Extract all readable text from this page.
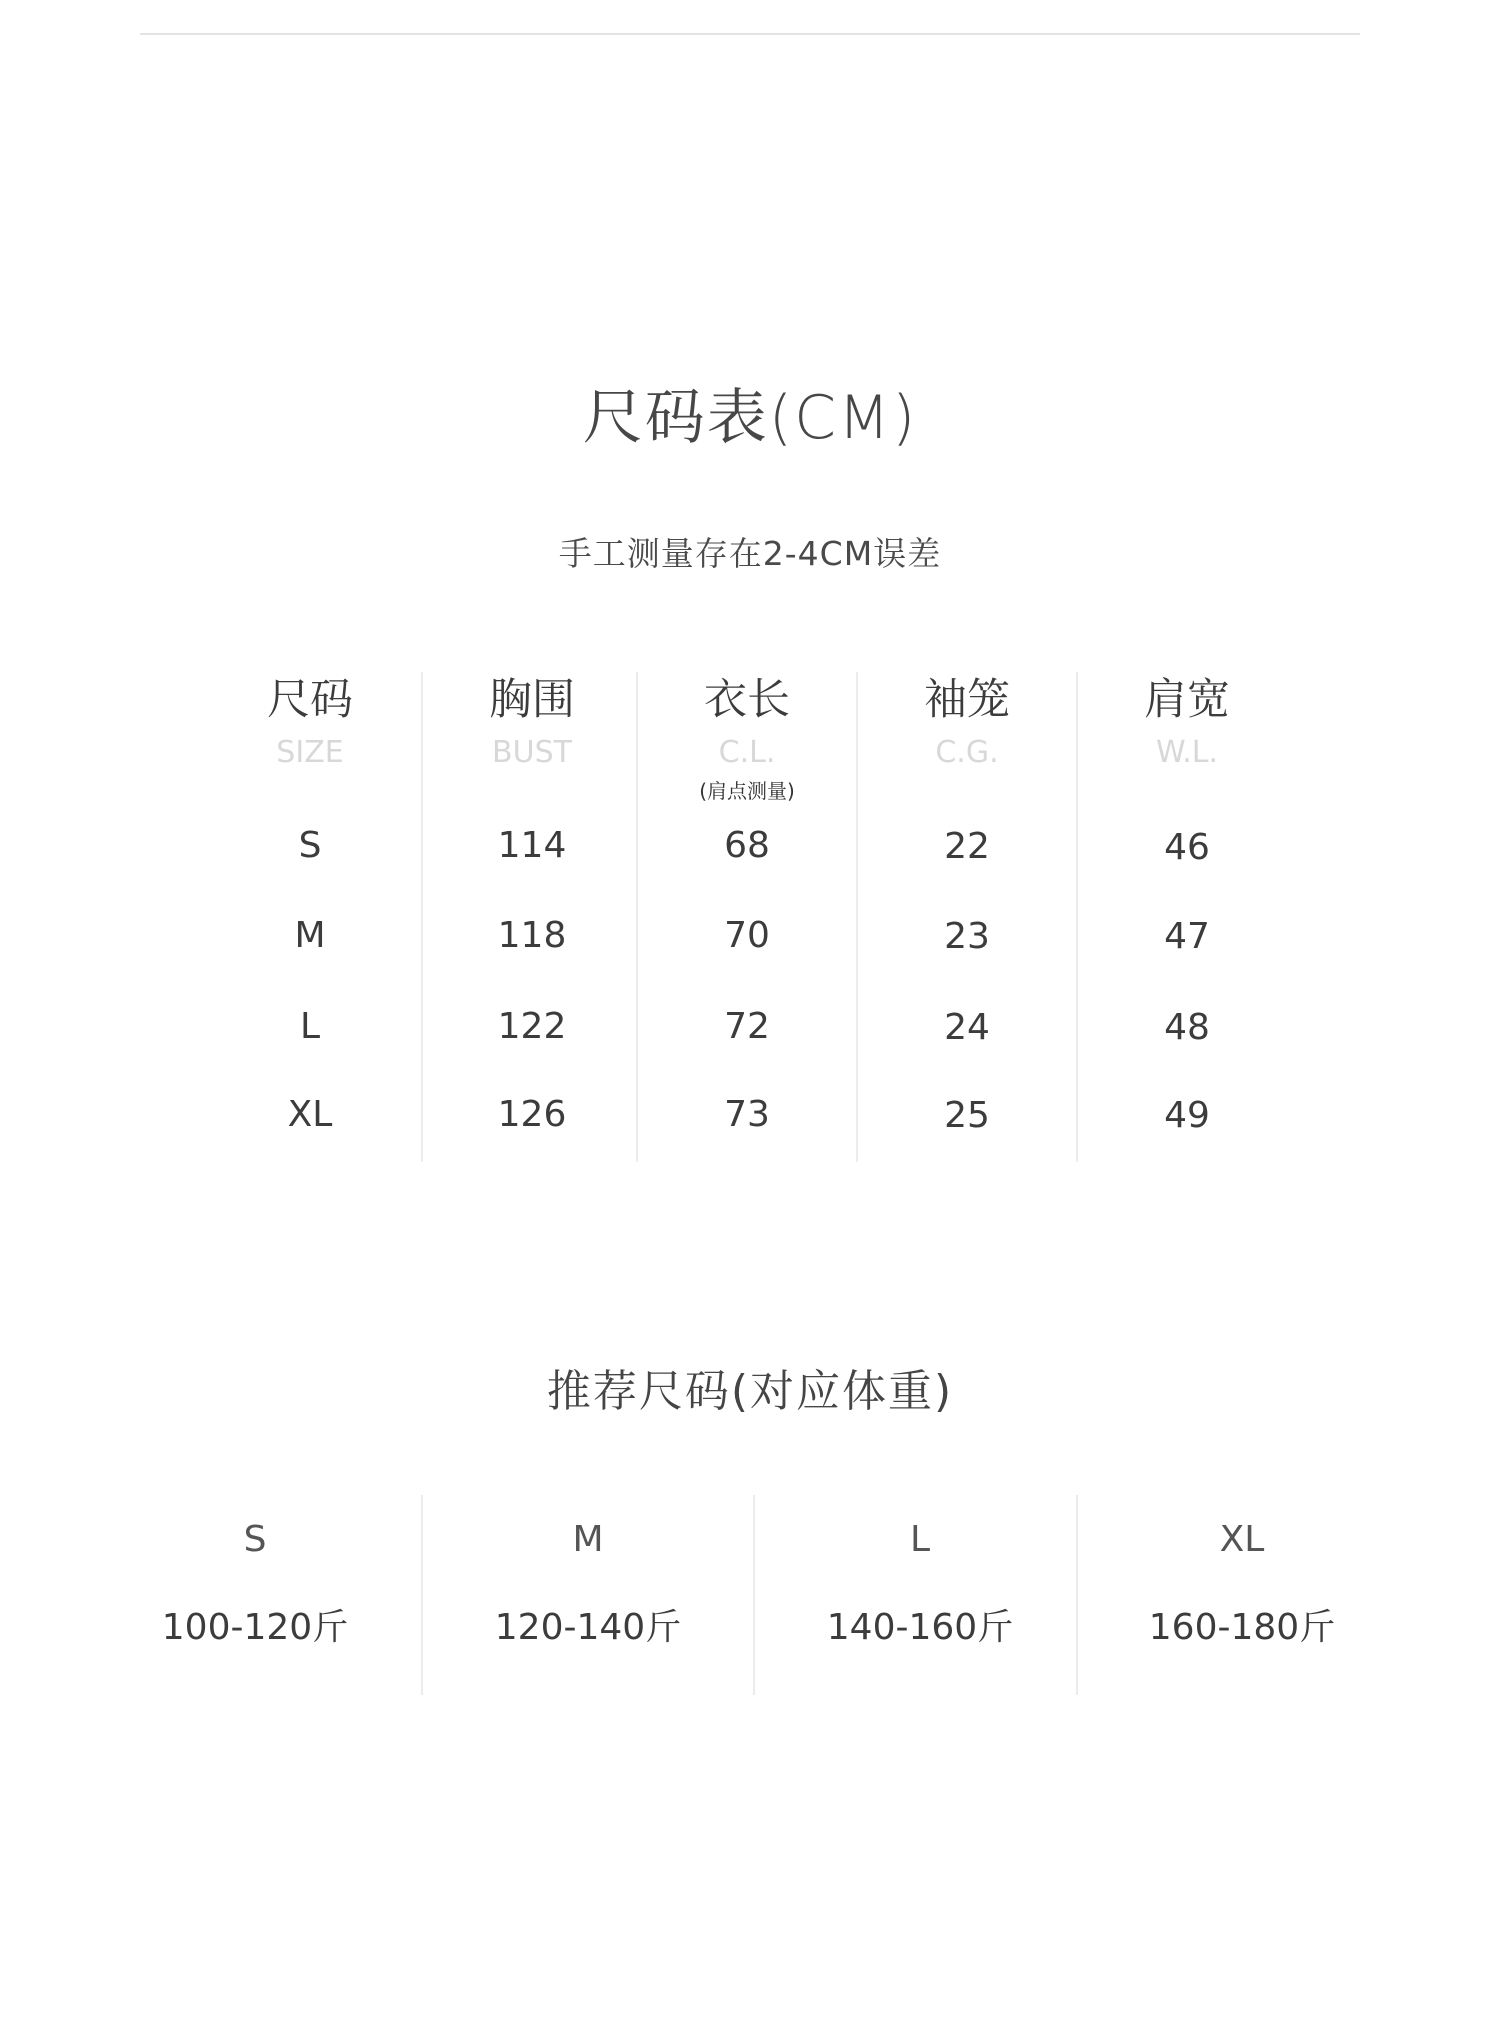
尺码表(CM)
手工测量存在2-4CM误差
尺码
SIZE
S
M
L
XL
胸围
BUST
114
118
122
126
衣长
C.L.
(肩点测量)
68
70
72
73
袖笼
C.G.
22
23
24
25
肩宽
W.L.
46
47
48
49
推荐尺码(对应体重)
S
100-120斤
M
120-140斤
L
140-160斤
XL
160-180斤
